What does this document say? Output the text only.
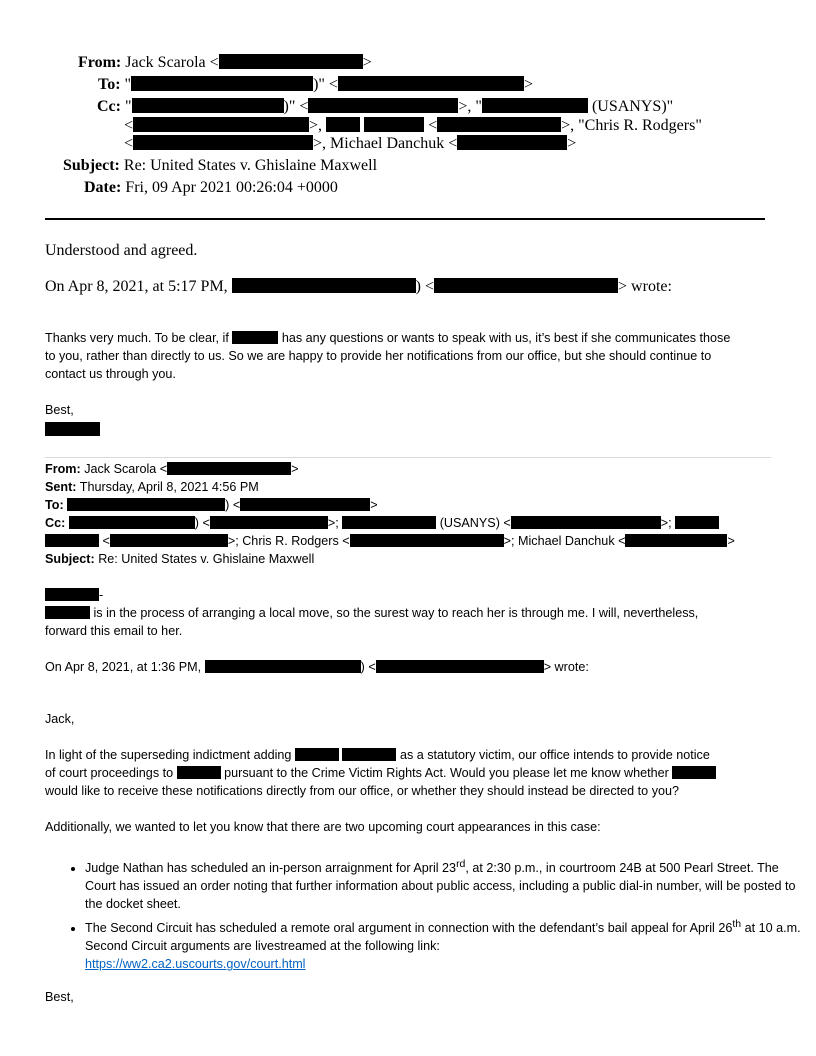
From: Jack Scarola <	>
To: "	)" <	>
Cc: "	)" <	>, "	(USANYS)"
<	>,	<	>, "Chris R. Rodgers"
<	>, Michael Danchuk <	>
Subject: Re: United States v. Ghislaine Maxwell
Date: Fri, 09 Apr 2021 00:26:04 +0000
Understood and agreed.
On Apr 8, 2021, at 5:17 PM,	) <	> wrote:
Thanks very much. To be clear, if	has any questions or wants to speak with us, it’s best if she communicates those
to you, rather than directly to us. So we are happy to provide her notifications from our office, but she should continue to
contact us through you.
Best,
From: Jack Scarola <	>
Sent: Thursday, April 8, 2021 4:56 PM
To:	) <	>
Cc:	) <	>;	(USANYS) <	>;
<	>; Chris R. Rodgers <	>; Michael Danchuk <	>
Subject: Re: United States v. Ghislaine Maxwell
-
is in the process of arranging a local move, so the surest way to reach her is through me. I will, nevertheless,
forward this email to her.
On Apr 8, 2021, at 1:36 PM,	) <	> wrote:
Jack,
In light of the superseding indictment adding	as a statutory victim, our office intends to provide notice
of court proceedings to	pursuant to the Crime Victim Rights Act. Would you please let me know whether
would like to receive these notifications directly from our office, or whether they should instead be directed to you?
Additionally, we wanted to let you know that there are two upcoming court appearances in this case:
• Judge Nathan has scheduled an in-person arraignment for April 23rd, at 2:30 p.m., in courtroom 24B at 500 Pearl Street. The Court has issued an order noting that further information about public access, including a public dial-in number, will be posted to the docket sheet.
• The Second Circuit has scheduled a remote oral argument in connection with the defendant’s bail appeal for April 26th at 10 a.m. Second Circuit arguments are livestreamed at the following link:
https://ww2.ca2.uscourts.gov/court.html
Best,
